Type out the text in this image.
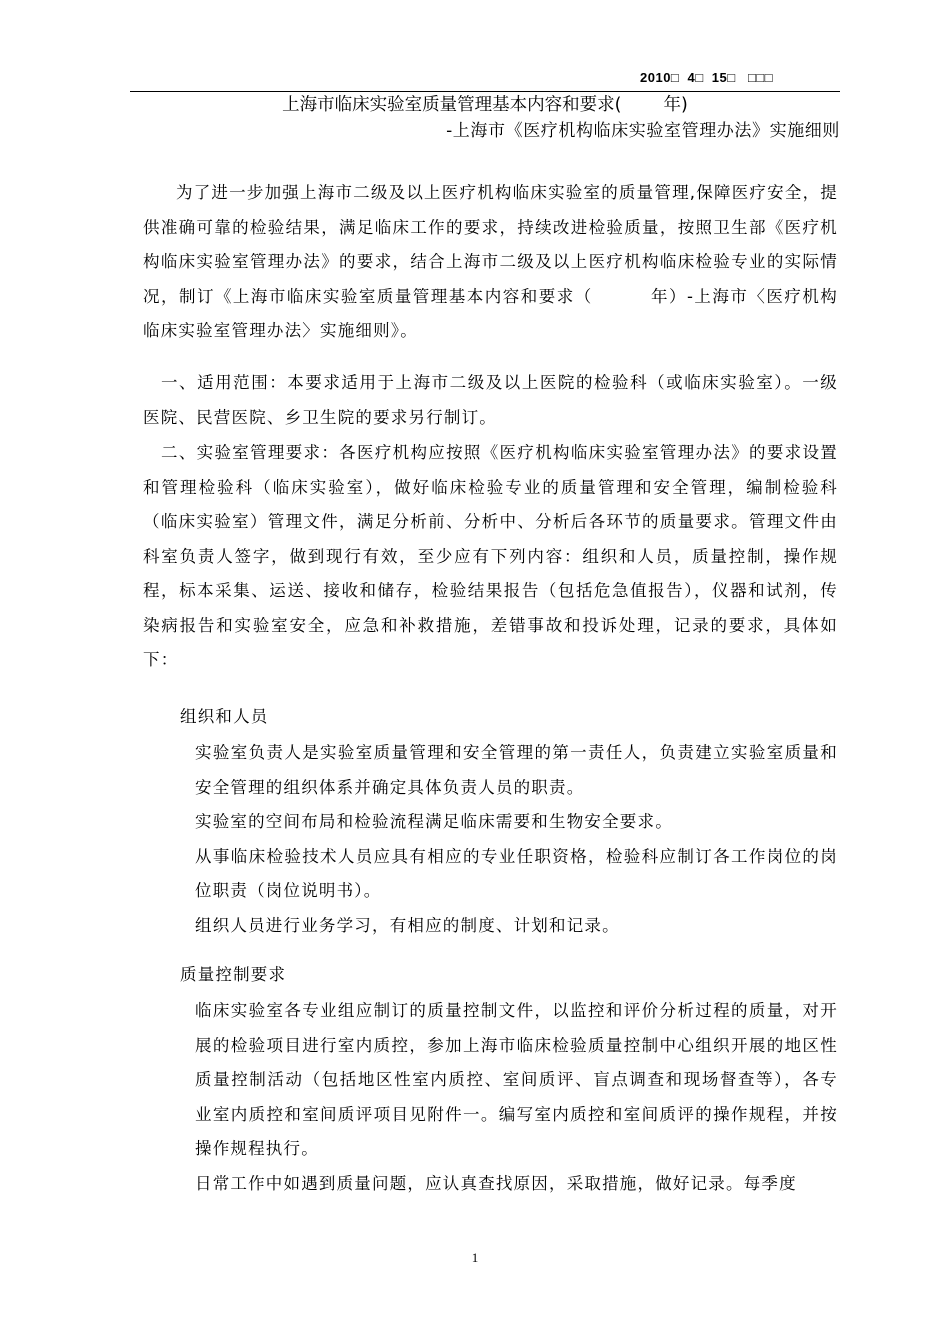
2010□  4□  15□   □□□
上海市临床实验室质量管理基本内容和要求( 年)
-上海市《医疗机构临床实验室管理办法》实施细则

为了进一步加强上海市二级及以上医疗机构临床实验室的质量管理,保障医疗安全，提供准确可靠的检验结果，满足临床工作的要求，持续改进检验质量，按照卫生部《医疗机构临床实验室管理办法》的要求，结合上海市二级及以上医疗机构临床检验专业的实际情况，制订《上海市临床实验室质量管理基本内容和要求（	年）-上海市〈医疗机构临床实验室管理办法〉实施细则》。

一、适用范围：本要求适用于上海市二级及以上医院的检验科（或临床实验室）。一级医院、民营医院、乡卫生院的要求另行制订。

二、实验室管理要求：各医疗机构应按照《医疗机构临床实验室管理办法》的要求设置和管理检验科（临床实验室），做好临床检验专业的质量管理和安全管理，编制检验科（临床实验室）管理文件，满足分析前、分析中、分析后各环节的质量要求。管理文件由科室负责人签字，做到现行有效，至少应有下列内容：组织和人员，质量控制，操作规程，标本采集、运送、接收和储存，检验结果报告（包括危急值报告），仪器和试剂，传染病报告和实验室安全，应急和补救措施，差错事故和投诉处理，记录的要求，具体如下：

组织和人员

实验室负责人是实验室质量管理和安全管理的第一责任人，负责建立实验室质量和安全管理的组织体系并确定具体负责人员的职责。

实验室的空间布局和检验流程满足临床需要和生物安全要求。

从事临床检验技术人员应具有相应的专业任职资格，检验科应制订各工作岗位的岗位职责（岗位说明书）。

组织人员进行业务学习，有相应的制度、计划和记录。

质量控制要求

临床实验室各专业组应制订的质量控制文件，以监控和评价分析过程的质量，对开展的检验项目进行室内质控，参加上海市临床检验质量控制中心组织开展的地区性质量控制活动（包括地区性室内质控、室间质评、盲点调查和现场督查等），各专业室内质控和室间质评项目见附件一。编写室内质控和室间质评的操作规程，并按操作规程执行。

日常工作中如遇到质量问题，应认真查找原因，采取措施，做好记录。每季度

1
